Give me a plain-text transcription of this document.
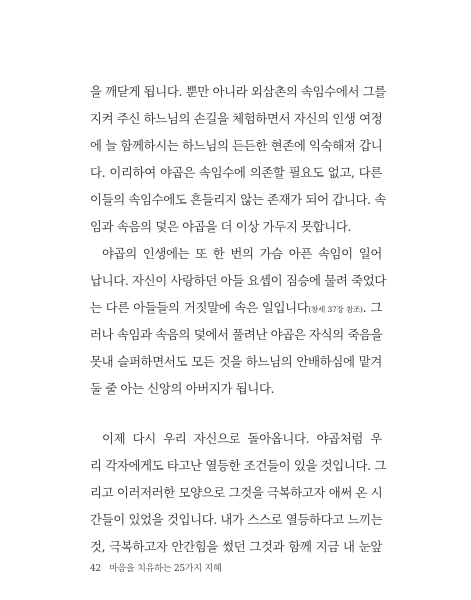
을 깨닫게 됩니다. 뿐만 아니라 외삼촌의 속임수에서 그를
지켜 주신 하느님의 손길을 체험하면서 자신의 인생 여정
에 늘 함께하시는 하느님의 든든한 현존에 익숙해져 갑니
다. 이리하여 야곱은 속임수에 의존할 필요도 없고, 다른
이들의 속임수에도 흔들리지 않는 존재가 되어 갑니다. 속
임과 속음의 덫은 야곱을 더 이상 가두지 못합니다.
야곱의 인생에는 또 한 번의 가슴 아픈 속임이 일어
납니다. 자신이 사랑하던 아들 요셉이 짐승에 물려 죽었다
는 다른 아들들의 거짓말에 속은 일입니다(창세 37장 참조). 그
러나 속임과 속음의 덫에서 풀려난 야곱은 자식의 죽음을
못내 슬퍼하면서도 모든 것을 하느님의 안배하심에 맡겨
둘 줄 아는 신앙의 아버지가 됩니다.
이제 다시 우리 자신으로 돌아옵니다. 야곱처럼 우
리 각자에게도 타고난 열등한 조건들이 있을 것입니다. 그
리고 이러저러한 모양으로 그것을 극복하고자 애써 온 시
간들이 있었을 것입니다. 내가 스스로 열등하다고 느끼는
것, 극복하고자 안간힘을 썼던 그것과 함께 지금 내 눈앞
42 마음을 치유하는 25가지 지혜
